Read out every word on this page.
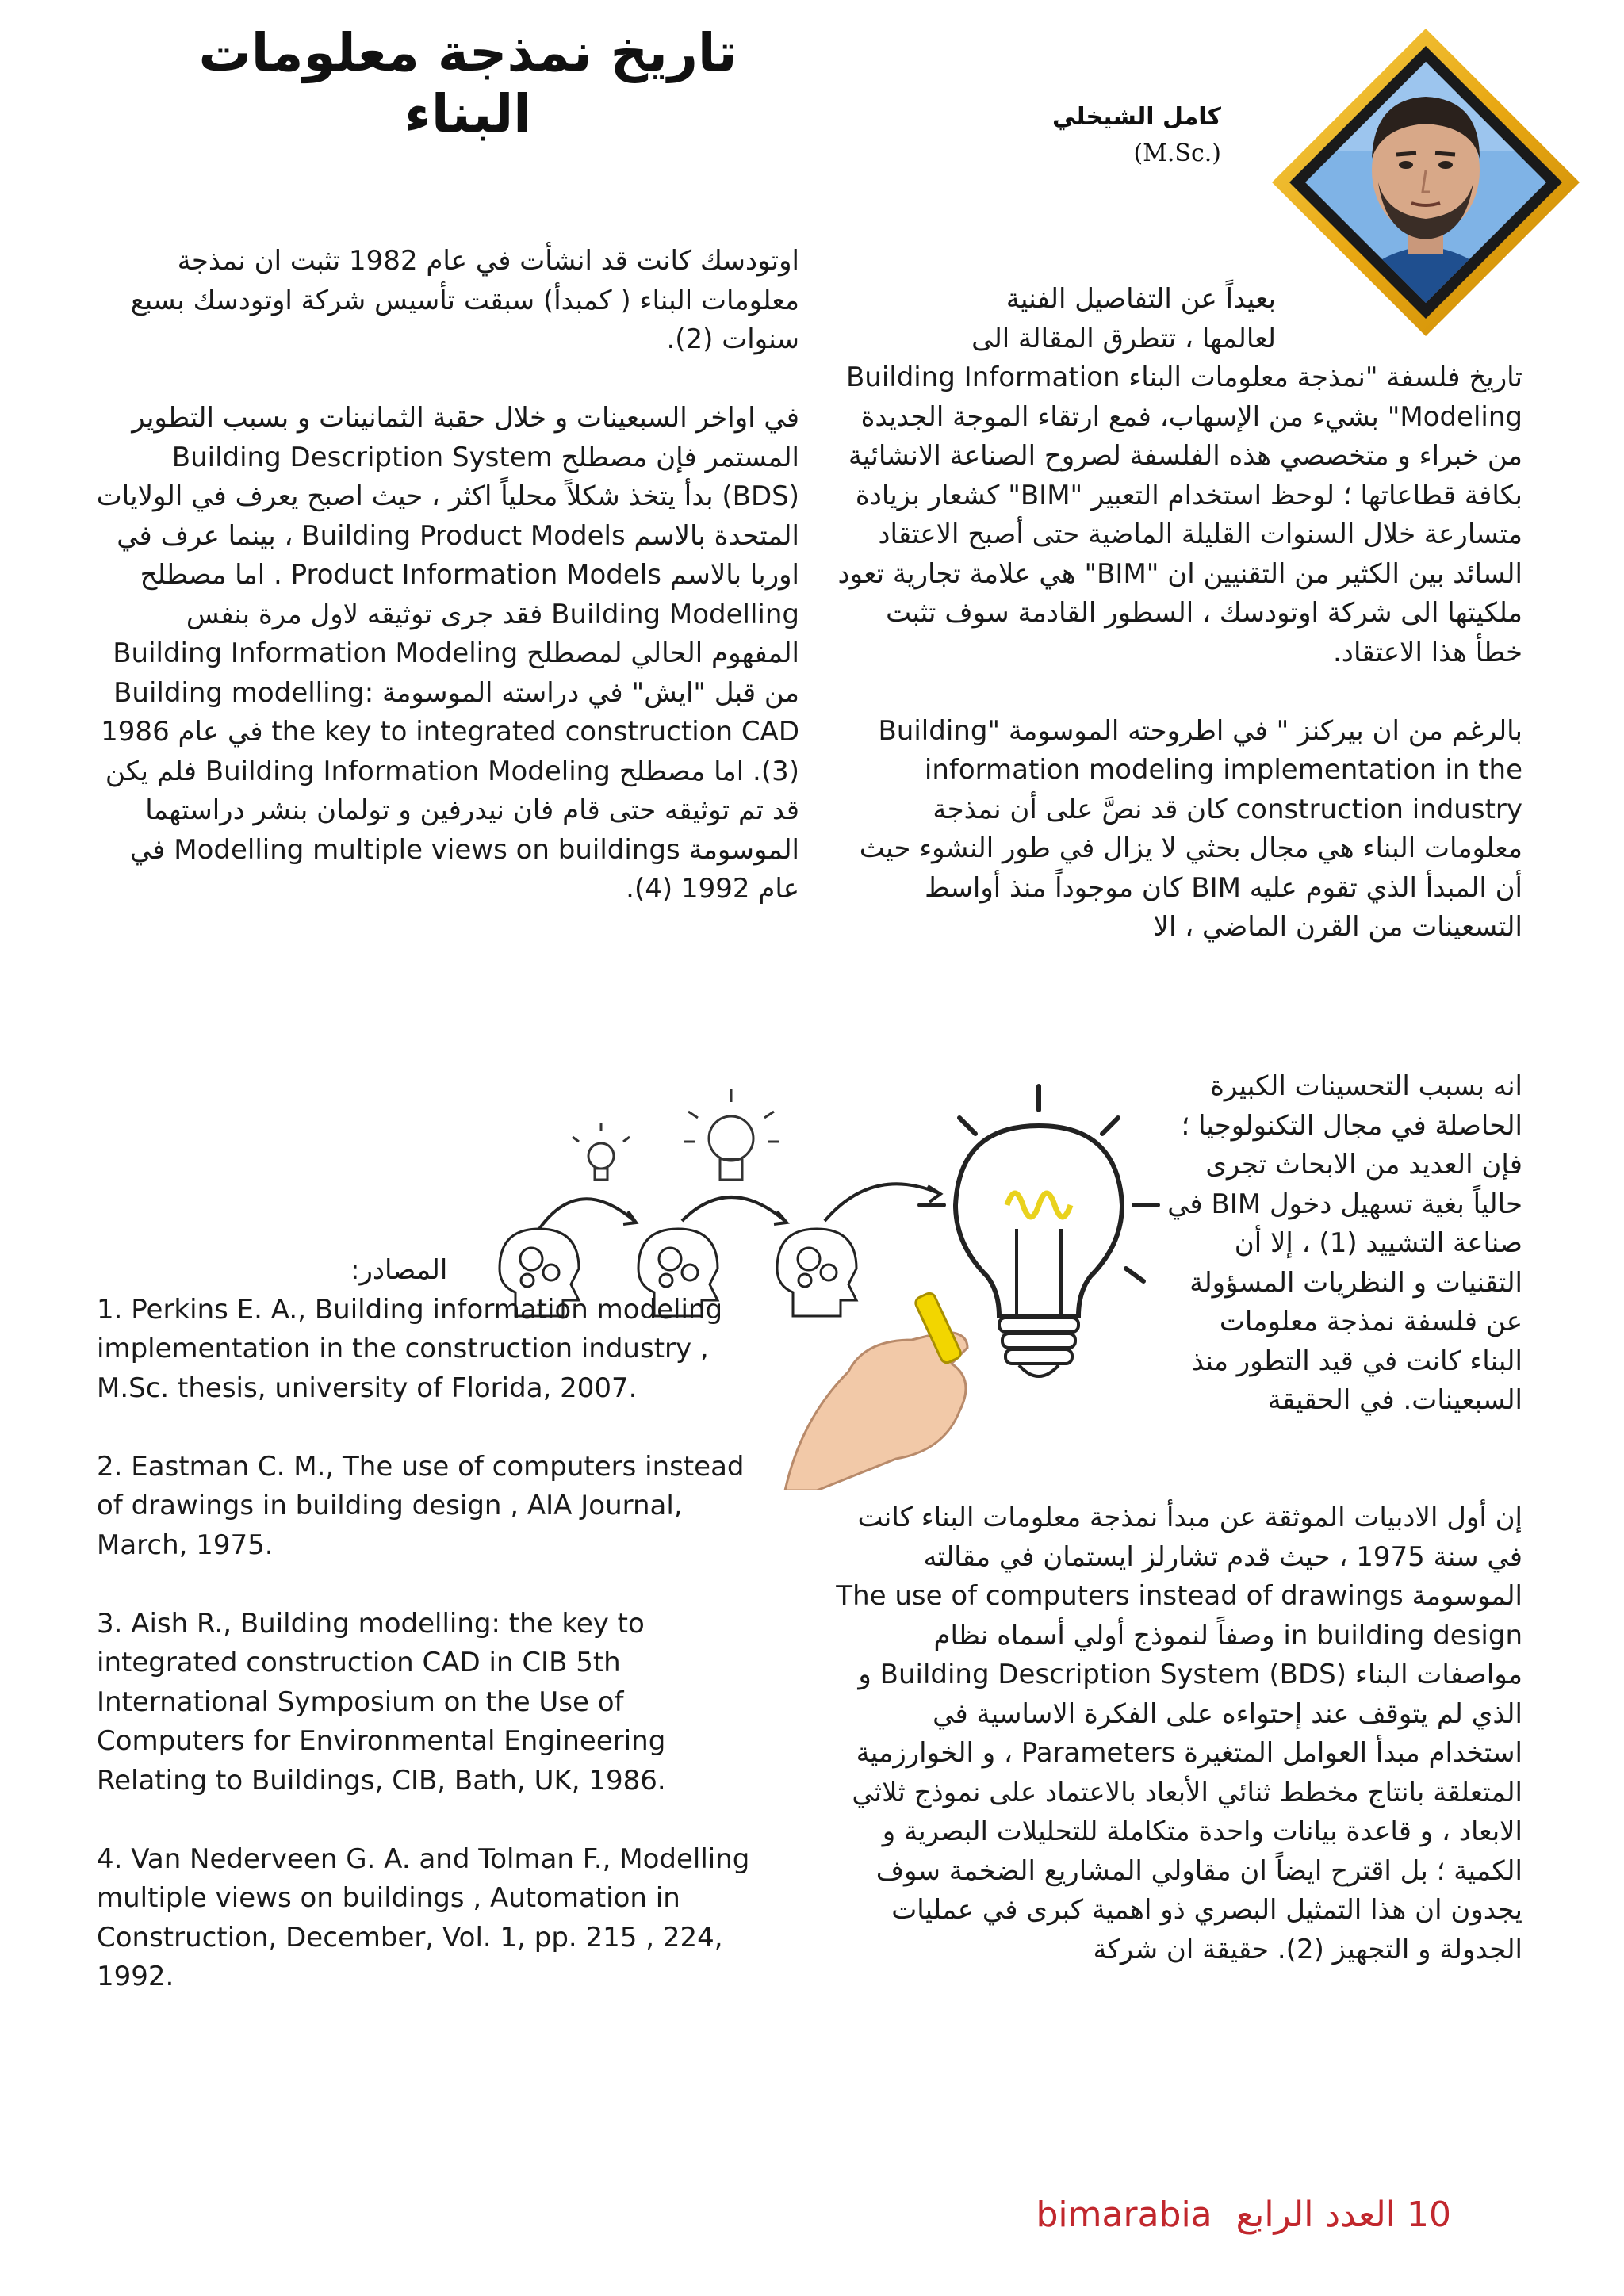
تاريخ نمذجة معلومات البناء	كامل الشيخلي
(M.Sc.)

اوتودسك كانت قد انشأت في عام 1982 تثبت ان نمذجة معلومات البناء ( كمبدأ) سبقت تأسيس شركة اوتودسك بسبع سنوات (2).

في اواخر السبعينات و خلال حقبة الثمانينات و بسبب التطوير المستمر فإن مصطلح Building Description System (BDS) بدأ يتخذ شكلاً محلياً اكثر ، حيث اصبح يعرف في الولايات المتحدة بالاسم Building Product Models ، بينما عرف في اوربا بالاسم Product Information Models . اما مصطلح Building Modelling فقد جرى توثيقه لاول مرة بنفس المفهوم الحالي لمصطلح Building Information Modeling من قبل "ايش" في دراسته الموسومة Building modelling: the key to integrated construction CAD في عام 1986 (3). اما مصطلح Building Information Modeling فلم يكن قد تم توثيقه حتى قام فان نيدرفين و تولمان بنشر دراستهما الموسومة Modelling multiple views on buildings في عام 1992 (4).

بعيداً عن التفاصيل الفنية لعالمها ، تتطرق المقالة الى

تاريخ فلسفة "نمذجة معلومات البناء Building Information Modeling" بشيء من الإسهاب، فمع ارتقاء الموجة الجديدة من خبراء و متخصصي هذه الفلسفة لصروح الصناعة الانشائية بكافة قطاعاتها ؛ لوحظ استخدام التعبير "BIM" كشعار بزيادة متسارعة خلال السنوات القليلة الماضية حتى أصبح الاعتقاد السائد بين الكثير من التقنيين ان "BIM" هي علامة تجارية تعود ملكيتها الى شركة اوتودسك ، السطور القادمة سوف تثبت خطأ هذا الاعتقاد.

بالرغم من ان بيركنز " في اطروحته الموسومة "Building information modeling implementation in the construction industry كان قد نصَّ على أن نمذجة معلومات البناء هي مجال بحثي لا يزال في طور النشوء حيث أن المبدأ الذي تقوم عليه BIM كان موجوداً منذ أواسط التسعينات من القرن الماضي ، الا

انه بسبب التحسينات الكبيرة الحاصلة في مجال التكنولوجيا ؛ فإن العديد من الابحاث تجرى حالياً بغية تسهيل دخول BIM في صناعة التشييد (1) ، إلا أن التقنيات و النظريات المسؤولة عن فلسفة نمذجة معلومات البناء كانت في قيد التطور منذ السبعينات. في الحقيقة

إن أول الادبيات الموثقة عن مبدأ نمذجة معلومات البناء كانت في سنة 1975 ، حيث قدم تشارلز ايستمان في مقالته الموسومة The use of computers instead of drawings in building design وصفاً لنموذج أولي أسماه نظام مواصفات البناء (Building Description System (BDS و الذي لم يتوقف عند إحتواءه على الفكرة الاساسية في استخدام مبدأ العوامل المتغيرة Parameters ، و الخوارزمية المتعلقة بانتاج مخطط ثنائي الأبعاد بالاعتماد على نموذج ثلاثي الابعاد ، و قاعدة بيانات واحدة متكاملة للتحليلات البصرية و الكمية ؛ بل اقترح ايضاً ان مقاولي المشاريع الضخمة سوف يجدون ان هذا التمثيل البصري ذو اهمية كبرى في عمليات الجدولة و التجهيز (2). حقيقة ان شركة

المصادر:

1. Perkins E. A., Building information modeling implementation in the construction industry , M.Sc. thesis, university of Florida, 2007.

2. Eastman C. M., The use of computers instead of drawings in building design , AIA Journal, March, 1975.

3. Aish R., Building modelling: the key to integrated construction CAD in CIB 5th International Symposium on the Use of Computers for Environmental Engineering Relating to Buildings, CIB, Bath, UK, 1986.

4. Van Nederveen G. A. and Tolman F., Modelling multiple views on buildings , Automation in Construction, December, Vol. 1, pp. 215 , 224, 1992.

bimarabia العدد الرابع 10
